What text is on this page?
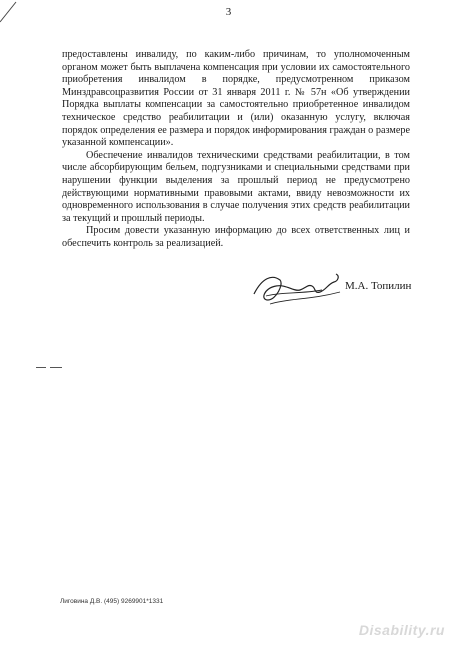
3

предоставлены инвалиду, по каким-либо причинам, то уполномоченным органом может быть выплачена компенсация при условии их самостоятельного приобретения инвалидом в порядке, предусмотренном приказом Минздравсоцразвития России от 31 января 2011 г. № 57н «Об утверждении Порядка выплаты компенсации за самостоятельно приобретенное инвалидом техническое средство реабилитации и (или) оказанную услугу, включая порядок определения ее размера и порядок информирования граждан о размере указанной компенсации».

Обеспечение инвалидов техническими средствами реабилитации, в том числе абсорбирующим бельем, подгузниками и специальными средствами при нарушении функции выделения за прошлый период не предусмотрено действующими нормативными правовыми актами, ввиду невозможности их одновременного использования в случае получения этих средств реабилитации за текущий и прошлый периоды.

Просим довести указанную информацию до всех ответственных лиц и обеспечить контроль за реализацией.

М.А. Топилин
Лиговина Д.В. (495) 9269901*1331
Disability.ru
